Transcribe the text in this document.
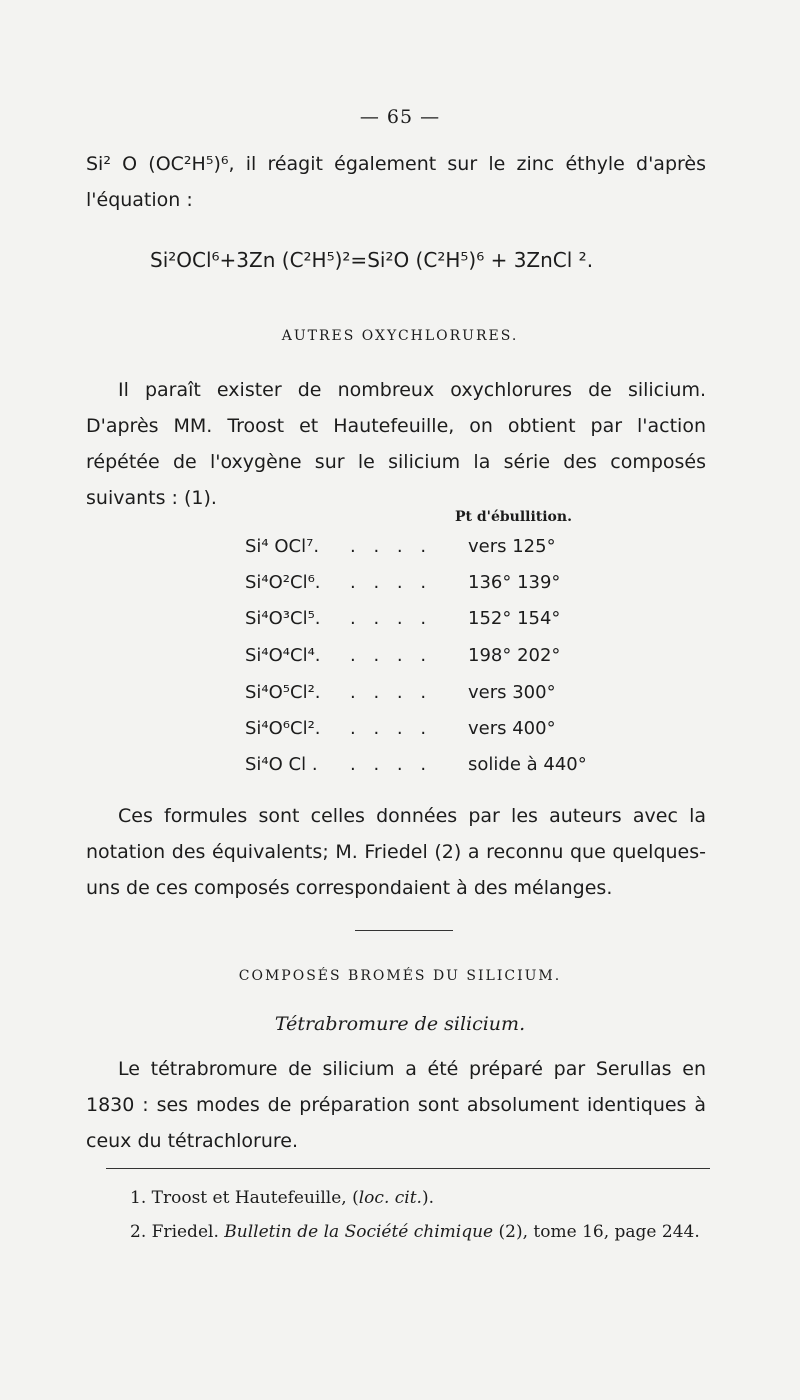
— 65 —
Si² O (OC²H⁵)⁶, il réagit également sur le zinc éthyle d'après l'équation :
Si²OCl⁶+3Zn (C²H⁵)²=Si²O (C²H⁵)⁶ + 3ZnCl ².
AUTRES OXYCHLORURES.
Il paraît exister de nombreux oxychlorures de silicium. D'après MM. Troost et Hautefeuille, on obtient par l'action répétée de l'oxygène sur le silicium la série des composés suivants : (1).
Pt d'ébullition.
Si⁴ OCl⁷. . . . . vers 125°
Si⁴O²Cl⁶. . . . . 136° 139°
Si⁴O³Cl⁵. . . . . 152° 154°
Si⁴O⁴Cl⁴. . . . . 198° 202°
Si⁴O⁵Cl². . . . . vers 300°
Si⁴O⁶Cl². . . . . vers 400°
Si⁴O Cl . . . . . solide à 440°
Ces formules sont celles données par les auteurs avec la notation des équivalents; M. Friedel (2) a reconnu que quelques-uns de ces composés correspondaient à des mélanges.
COMPOSÉS BROMÉS DU SILICIUM.
Tétrabromure de silicium.
Le tétrabromure de silicium a été préparé par Serullas en 1830 : ses modes de préparation sont absolument identiques à ceux du tétrachlorure.
1. Troost et Hautefeuille, (loc. cit.).
2. Friedel. Bulletin de la Société chimique (2), tome 16, page 244.
